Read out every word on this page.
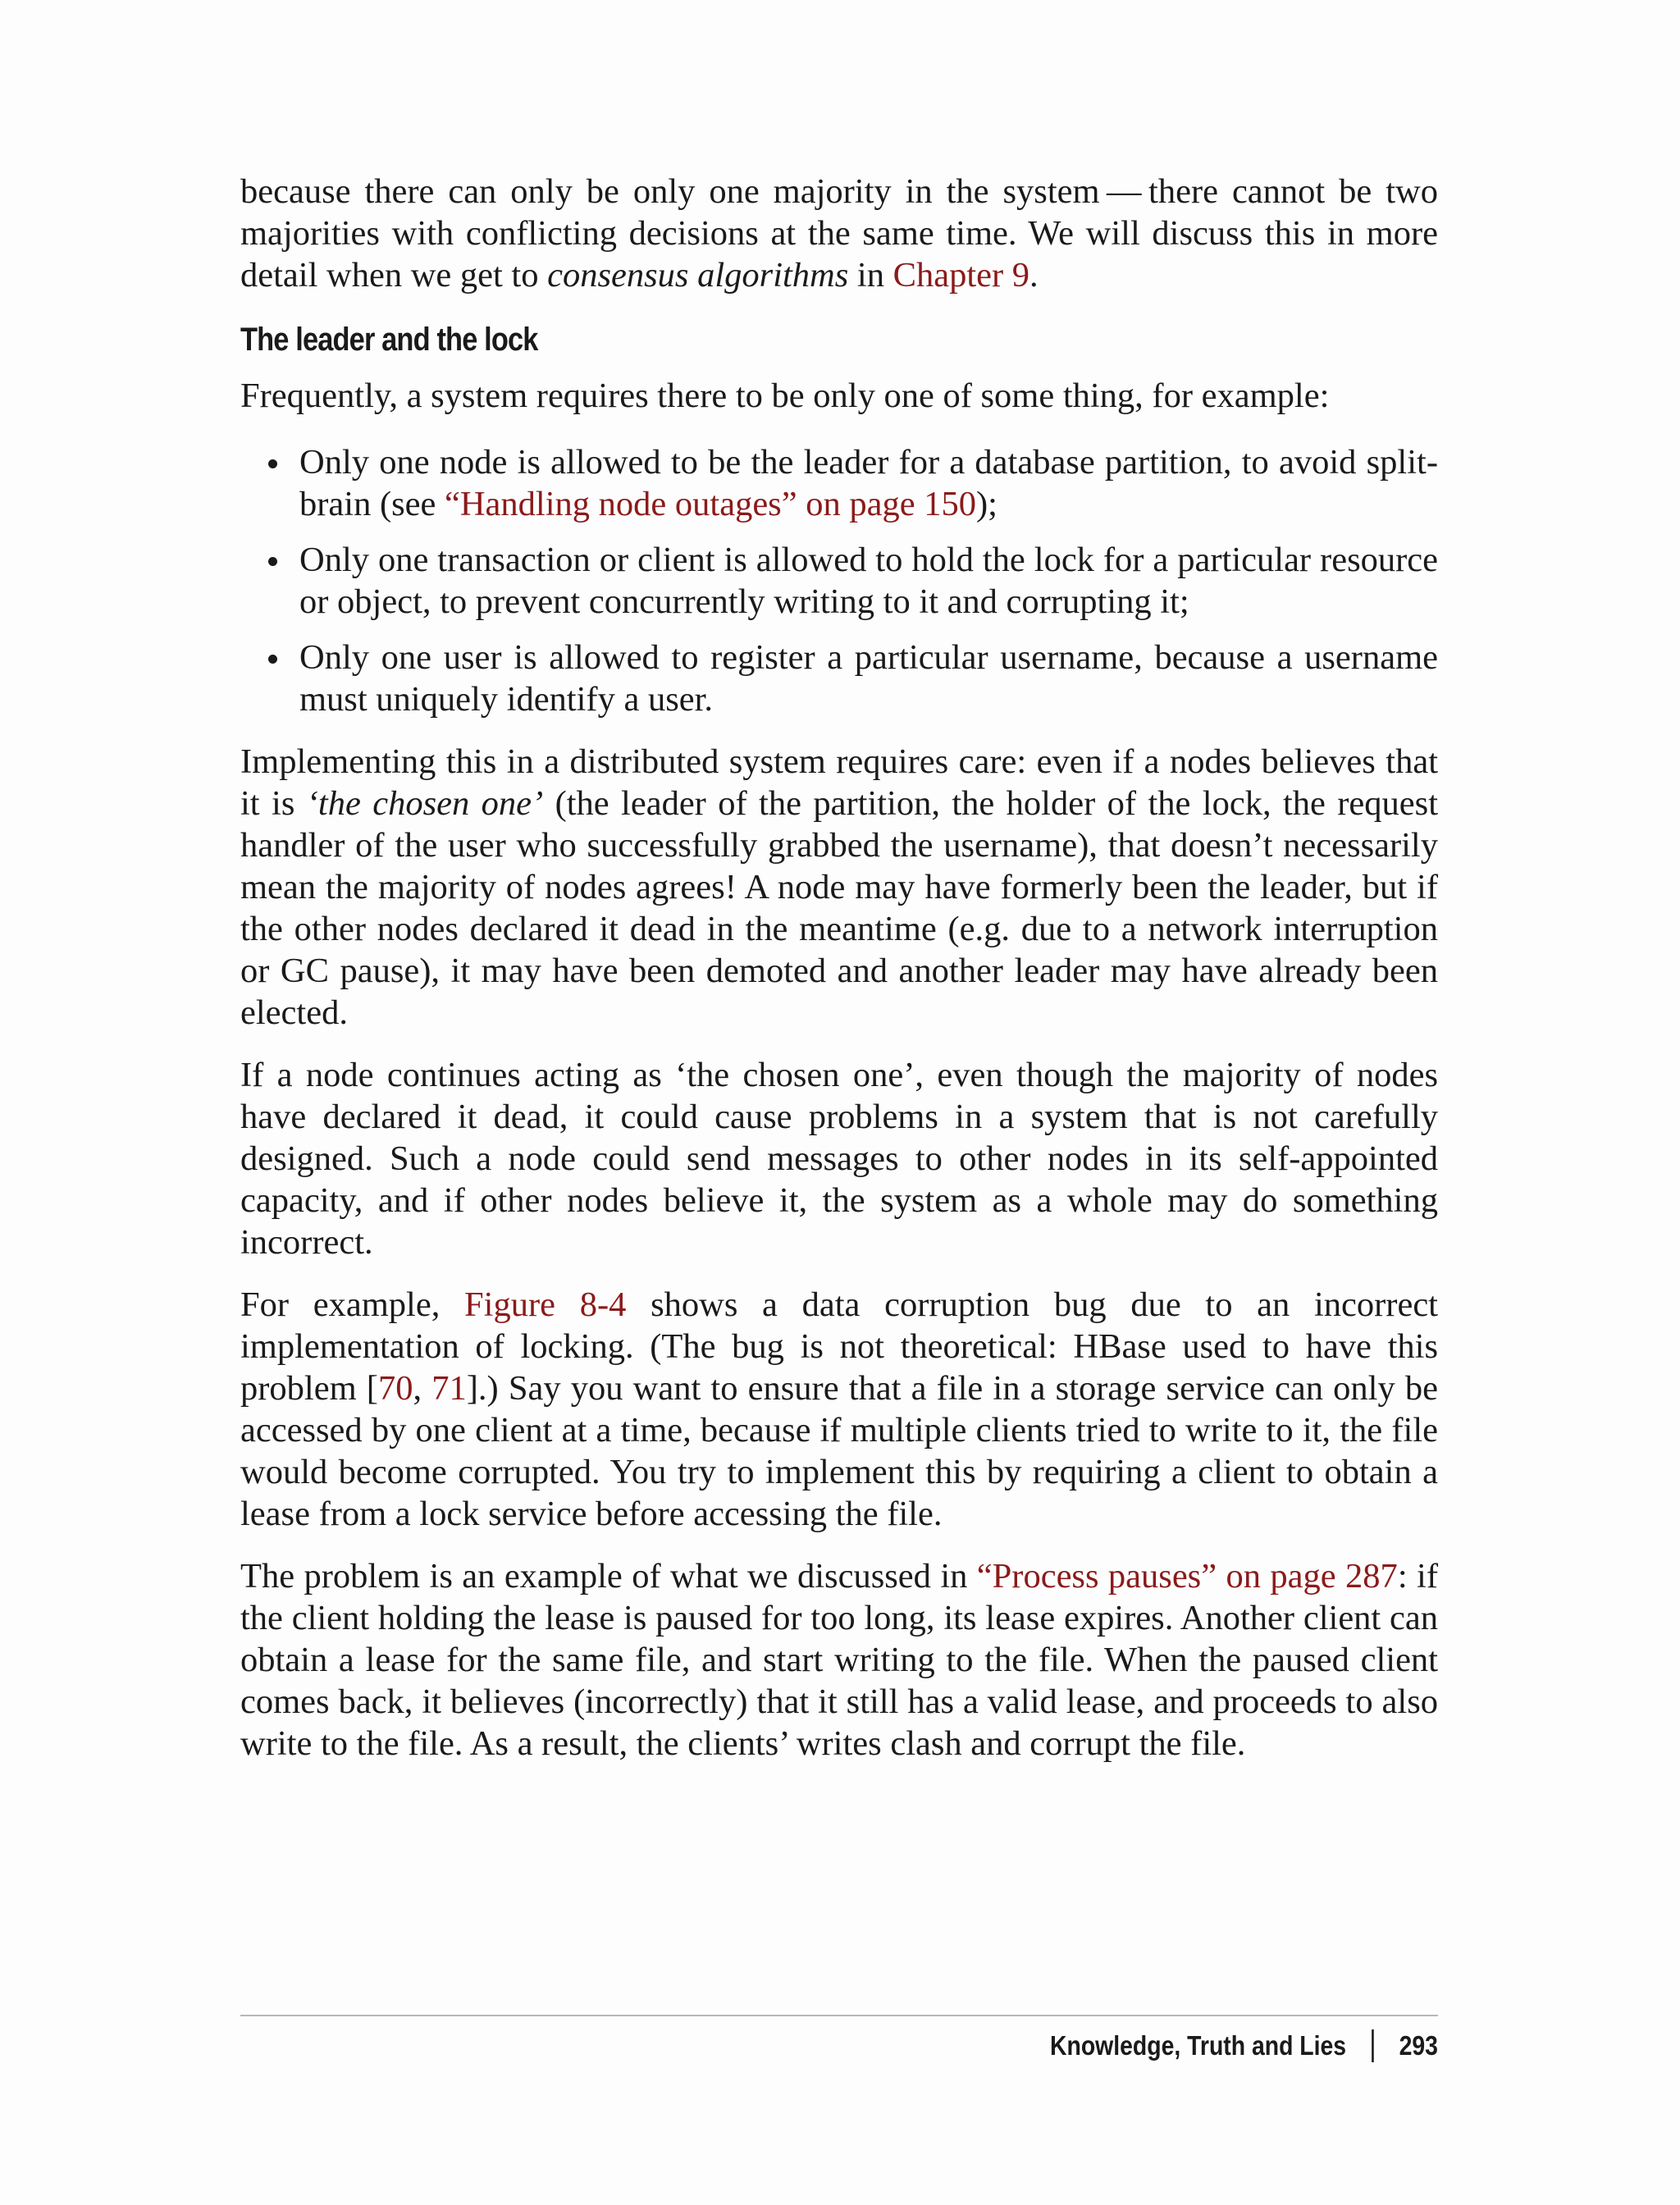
because there can only be only one majority in the system — there cannot be two majorities with conflicting decisions at the same time. We will discuss this in more detail when we get to consensus algorithms in Chapter 9.

The leader and the lock

Frequently, a system requires there to be only one of some thing, for example:

Only one node is allowed to be the leader for a database partition, to avoid split-brain (see “Handling node outages” on page 150);
Only one transaction or client is allowed to hold the lock for a particular resource or object, to prevent concurrently writing to it and corrupting it;
Only one user is allowed to register a particular username, because a username must uniquely identify a user.

Implementing this in a distributed system requires care: even if a nodes believes that it is ‘the chosen one’ (the leader of the partition, the holder of the lock, the request handler of the user who successfully grabbed the username), that doesn’t necessarily mean the majority of nodes agrees! A node may have formerly been the leader, but if the other nodes declared it dead in the meantime (e.g. due to a network interruption or GC pause), it may have been demoted and another leader may have already been elected.

If a node continues acting as ‘the chosen one’, even though the majority of nodes have declared it dead, it could cause problems in a system that is not carefully designed. Such a node could send messages to other nodes in its self-appointed capacity, and if other nodes believe it, the system as a whole may do something incorrect.

For example, Figure 8-4 shows a data corruption bug due to an incorrect implementation of locking. (The bug is not theoretical: HBase used to have this problem [70, 71].) Say you want to ensure that a file in a storage service can only be accessed by one client at a time, because if multiple clients tried to write to it, the file would become corrupted. You try to implement this by requiring a client to obtain a lease from a lock service before accessing the file.

The problem is an example of what we discussed in “Process pauses” on page 287: if the client holding the lease is paused for too long, its lease expires. Another client can obtain a lease for the same file, and start writing to the file. When the paused client comes back, it believes (incorrectly) that it still has a valid lease, and proceeds to also write to the file. As a result, the clients’ writes clash and corrupt the file.

Knowledge, Truth and Lies 293
